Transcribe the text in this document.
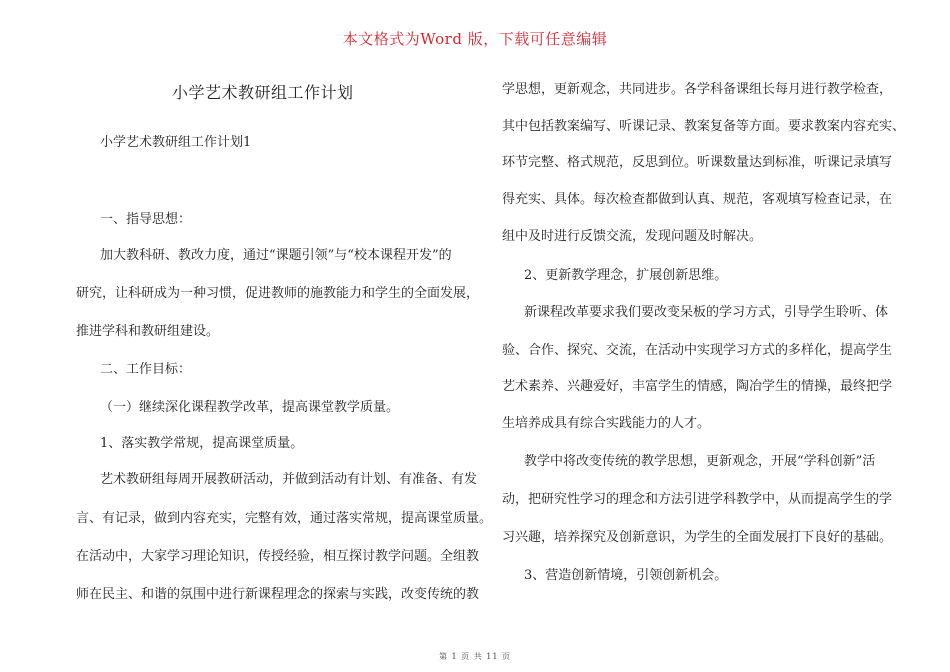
本文格式为Word 版，下载可任意编辑
小学艺术教研组工作计划
小学艺术教研组工作计划1
一、指导思想：
加大教科研、教改力度，通过“课题引领”与“校本课程开发”的
研究，让科研成为一种习惯，促进教师的施教能力和学生的全面发展，
推进学科和教研组建设。
二、工作目标：
（一）继续深化课程教学改革，提高课堂教学质量。
1、落实教学常规，提高课堂质量。
艺术教研组每周开展教研活动，并做到活动有计划、有准备、有发
言、有记录，做到内容充实，完整有效，通过落实常规，提高课堂质量。
在活动中，大家学习理论知识，传授经验，相互探讨教学问题。全组教
师在民主、和谐的氛围中进行新课程理念的探索与实践，改变传统的教
学思想，更新观念，共同进步。各学科备课组长每月进行教学检查，
其中包括教案编写、听课记录、教案复备等方面。要求教案内容充实、
环节完整、格式规范，反思到位。听课数量达到标准，听课记录填写
得充实、具体。每次检查都做到认真、规范，客观填写检查记录，在
组中及时进行反馈交流，发现问题及时解决。
2、更新教学理念，扩展创新思维。
新课程改革要求我们要改变呆板的学习方式，引导学生聆听、体
验、合作、探究、交流，在活动中实现学习方式的多样化，提高学生
艺术素养、兴趣爱好，丰富学生的情感，陶冶学生的情操，最终把学
生培养成具有综合实践能力的人才。
教学中将改变传统的教学思想，更新观念，开展“学科创新”活
动，把研究性学习的理念和方法引进学科教学中，从而提高学生的学
习兴趣，培养探究及创新意识，为学生的全面发展打下良好的基础。
3、营造创新情境，引领创新机会。
第 1 页 共 11 页
